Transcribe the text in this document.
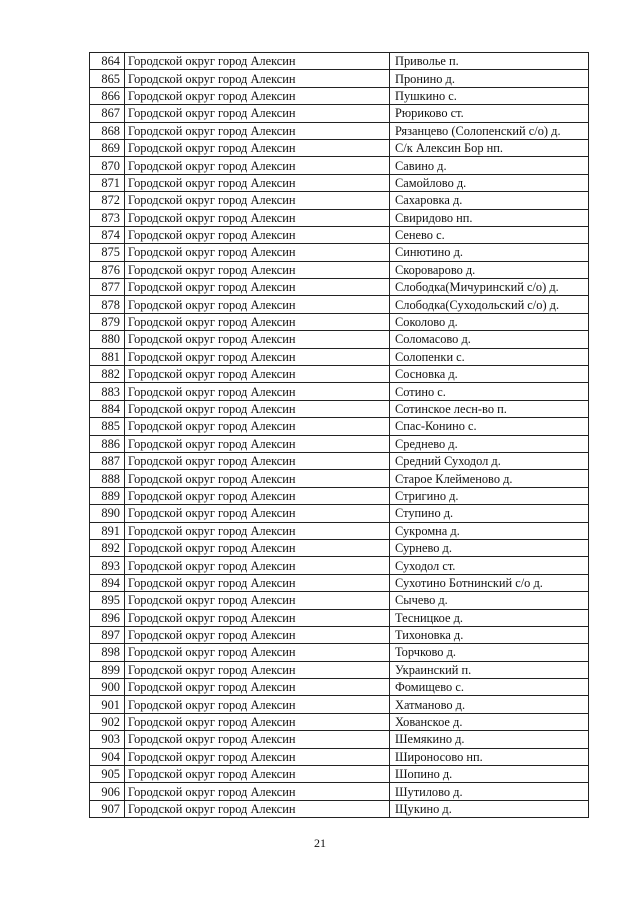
864	Городской округ город Алексин	Приволье п.
865	Городской округ город Алексин	Пронино д.
866	Городской округ город Алексин	Пушкино с.
867	Городской округ город Алексин	Рюриково ст.
868	Городской округ город Алексин	Рязанцево (Солопенский с/о) д.
869	Городской округ город Алексин	С/к Алексин Бор нп.
870	Городской округ город Алексин	Савино д.
871	Городской округ город Алексин	Самойлово д.
872	Городской округ город Алексин	Сахаровка д.
873	Городской округ город Алексин	Свиридово нп.
874	Городской округ город Алексин	Сенево с.
875	Городской округ город Алексин	Синютино д.
876	Городской округ город Алексин	Скороварово д.
877	Городской округ город Алексин	Слободка(Мичуринский с/о) д.
878	Городской округ город Алексин	Слободка(Суходольский с/о) д.
879	Городской округ город Алексин	Соколово д.
880	Городской округ город Алексин	Соломасово д.
881	Городской округ город Алексин	Солопенки с.
882	Городской округ город Алексин	Сосновка д.
883	Городской округ город Алексин	Сотино с.
884	Городской округ город Алексин	Сотинское лесн-во п.
885	Городской округ город Алексин	Спас-Конино с.
886	Городской округ город Алексин	Среднево д.
887	Городской округ город Алексин	Средний Суходол д.
888	Городской округ город Алексин	Старое Клейменово д.
889	Городской округ город Алексин	Стригино д.
890	Городской округ город Алексин	Ступино д.
891	Городской округ город Алексин	Сукромна д.
892	Городской округ город Алексин	Сурнево д.
893	Городской округ город Алексин	Суходол ст.
894	Городской округ город Алексин	Сухотино Ботнинский с/о д.
895	Городской округ город Алексин	Сычево д.
896	Городской округ город Алексин	Тесницкое д.
897	Городской округ город Алексин	Тихоновка д.
898	Городской округ город Алексин	Торчково д.
899	Городской округ город Алексин	Украинский п.
900	Городской округ город Алексин	Фомищево с.
901	Городской округ город Алексин	Хатманово д.
902	Городской округ город Алексин	Хованское д.
903	Городской округ город Алексин	Шемякино д.
904	Городской округ город Алексин	Широносово нп.
905	Городской округ город Алексин	Шопино д.
906	Городской округ город Алексин	Шутилово д.
907	Городской округ город Алексин	Щукино д.
21
